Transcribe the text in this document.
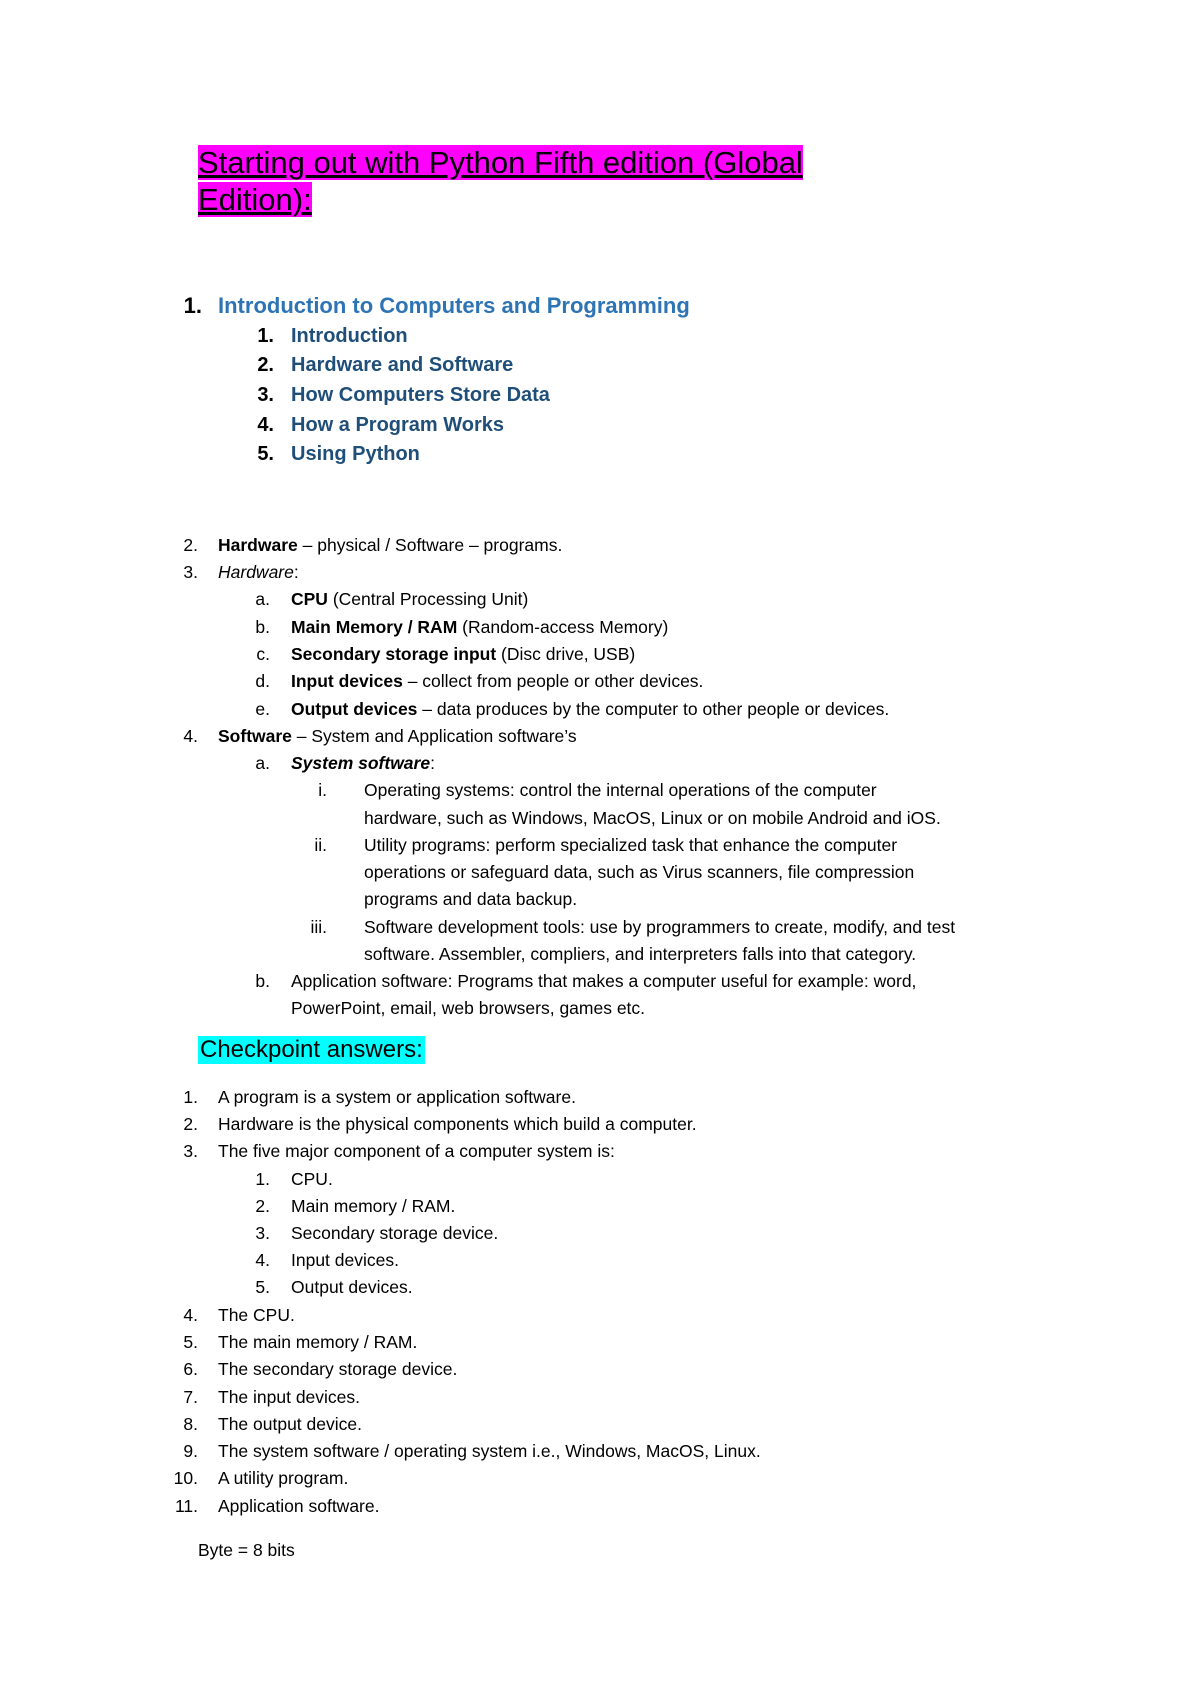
Starting out with Python Fifth edition (Global
Edition):
1. Introduction to Computers and Programming
1. Introduction
2. Hardware and Software
3. How Computers Store Data
4. How a Program Works
5. Using Python
2. Hardware – physical / Software – programs.
3. Hardware:
a. CPU (Central Processing Unit)
b. Main Memory / RAM (Random-access Memory)
c. Secondary storage input (Disc drive, USB)
d. Input devices – collect from people or other devices.
e. Output devices – data produces by the computer to other people or devices.
4. Software – System and Application software’s
a. System software:
i. Operating systems: control the internal operations of the computer
hardware, such as Windows, MacOS, Linux or on mobile Android and iOS.
ii. Utility programs: perform specialized task that enhance the computer
operations or safeguard data, such as Virus scanners, file compression
programs and data backup.
iii. Software development tools: use by programmers to create, modify, and test
software. Assembler, compliers, and interpreters falls into that category.
b. Application software: Programs that makes a computer useful for example: word,
PowerPoint, email, web browsers, games etc.
Checkpoint answers:
1. A program is a system or application software.
2. Hardware is the physical components which build a computer.
3. The five major component of a computer system is:
1. CPU.
2. Main memory / RAM.
3. Secondary storage device.
4. Input devices.
5. Output devices.
4. The CPU.
5. The main memory / RAM.
6. The secondary storage device.
7. The input devices.
8. The output device.
9. The system software / operating system i.e., Windows, MacOS, Linux.
10. A utility program.
11. Application software.
Byte = 8 bits
